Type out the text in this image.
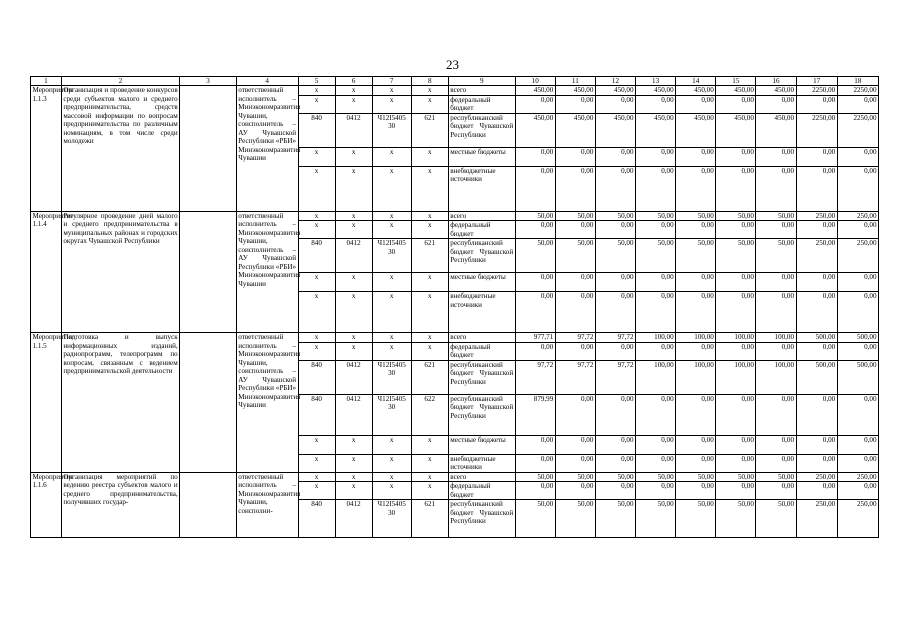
23
1	2	3	4	5	6	7	8	9	10	11	12	13	14	15	16	17	18
Мероприятие 1.1.3	Организация и проведение конкурсов среди субъектов малого и среднего предпринимательства, средств массовой информации по вопросам предпринимательства по различным номинациям, в том числе среди молодежи		ответственный исполнитель – Минэкономразвития Чувашии, соисполнитель – АУ Чувашской Республики «РБИ» Минэкономразвития Чувашии	x	x	x	x	всего	450,00	450,00	450,00	450,00	450,00	450,00	450,00	2250,00	2250,00
				x	x	x	x	федеральный бюджет	0,00	0,00	0,00	0,00	0,00	0,00	0,00	0,00	0,00
				840	0412	Ч12I5405 30	621	республиканский бюджет Чувашской Республики	450,00	450,00	450,00	450,00	450,00	450,00	450,00	2250,00	2250,00
				x	x	x	x	местные бюджеты	0,00	0,00	0,00	0,00	0,00	0,00	0,00	0,00	0,00
				x	x	x	x	внебюджетные источники	0,00	0,00	0,00	0,00	0,00	0,00	0,00	0,00	0,00
Мероприятие 1.1.4	Регулярное проведение дней малого и среднего предпринимательства в муниципальных районах и городских округах Чувашской Республики		ответственный исполнитель – Минэкономразвития Чувашии, соисполнитель – АУ Чувашской Республики «РБИ» Минэкономразвития Чувашии	x	x	x	x	всего	50,00	50,00	50,00	50,00	50,00	50,00	50,00	250,00	250,00
				x	x	x	x	федеральный бюджет	0,00	0,00	0,00	0,00	0,00	0,00	0,00	0,00	0,00
				840	0412	Ч12I5405 30	621	республиканский бюджет Чувашской Республики	50,00	50,00	50,00	50,00	50,00	50,00	50,00	250,00	250,00
				x	x	x	x	местные бюджеты	0,00	0,00	0,00	0,00	0,00	0,00	0,00	0,00	0,00
				x	x	x	x	внебюджетные источники	0,00	0,00	0,00	0,00	0,00	0,00	0,00	0,00	0,00
Мероприятие 1.1.5	Подготовка и выпуск информационных изданий, радиопрограмм, телепрограмм по вопросам, связанным с ведением предпринимательской деятельности		ответственный исполнитель – Минэкономразвития Чувашии, соисполнитель – АУ Чувашской Республики «РБИ» Минэкономразвития Чувашии	x	x	x	x	всего	977,71	97,72	97,72	100,00	100,00	100,00	100,00	500,00	500,00
				x	x	x	x	федеральный бюджет	0,00	0,00	0,00	0,00	0,00	0,00	0,00	0,00	0,00
				840	0412	Ч12I5405 30	621	республиканский бюджет Чувашской Республики	97,72	97,72	97,72	100,00	100,00	100,00	100,00	500,00	500,00
				840	0412	Ч12I5405 30	622	республиканский бюджет Чувашской Республики	879,99	0,00	0,00	0,00	0,00	0,00	0,00	0,00	0,00
				x	x	x	x	местные бюджеты	0,00	0,00	0,00	0,00	0,00	0,00	0,00	0,00	0,00
				x	x	x	x	внебюджетные источники	0,00	0,00	0,00	0,00	0,00	0,00	0,00	0,00	0,00
Мероприятие 1.1.6	Организация мероприятий по ведению реестра субъектов малого и среднего предпринимательства, получивших государ-		ответственный исполнитель – Минэкономразвития Чувашии, соисполни-	x	x	x	x	всего	50,00	50,00	50,00	50,00	50,00	50,00	50,00	250,00	250,00
				x	x	x	x	федеральный бюджет	0,00	0,00	0,00	0,00	0,00	0,00	0,00	0,00	0,00
				840	0412	Ч12I5405 30	621	республиканский бюджет Чувашской Республики	50,00	50,00	50,00	50,00	50,00	50,00	50,00	250,00	250,00
